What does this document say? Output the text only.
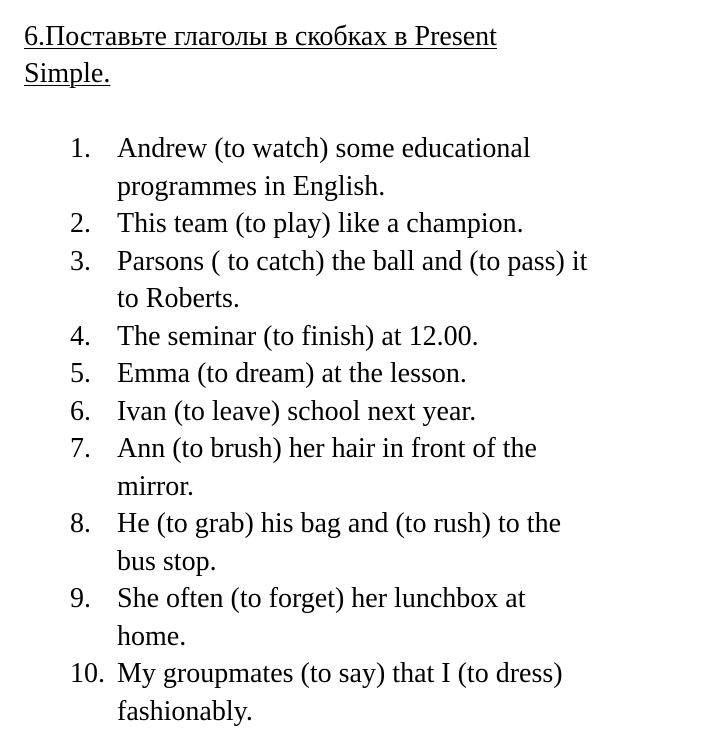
6.Поставьте глаголы в скобках в Present
Simple.
1. Andrew (to watch) some educational
programmes in English.
2. This team (to play) like a champion.
3. Parsons ( to catch) the ball and (to pass) it
to Roberts.
4. The seminar (to finish) at 12.00.
5. Emma (to dream) at the lesson.
6. Ivan (to leave) school next year.
7. Ann (to brush) her hair in front of the
mirror.
8. He (to grab) his bag and (to rush) to the
bus stop.
9. She often (to forget) her lunchbox at
home.
10. My groupmates (to say) that I (to dress)
fashionably.
